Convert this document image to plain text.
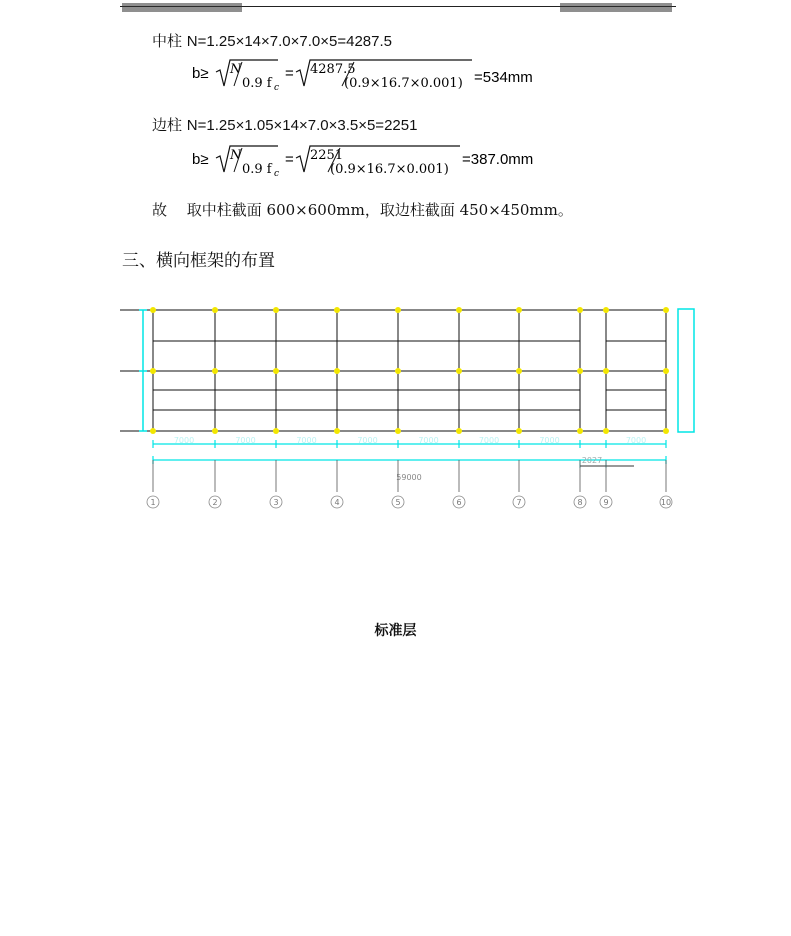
中柱 N=1.25×14×7.0×7.0×5=4287.5
b≥ N
0.9 f c
= 4287.5
(0.9×16.7×0.001) =534mm
边柱 N=1.25×1.05×14×7.0×3.5×5=2251
b≥ N
0.9 f c
= 2251
(0.9×16.7×0.001)
=387.0mm
故　 取中柱截面 600×600mm，取边柱截面 450×450mm。
三、横向框架的布置
7000	7000	7000	7000	7000	7000	7000	7000
2027
59000
1	2	3	4	5	6	7	8	9	10
标准层
